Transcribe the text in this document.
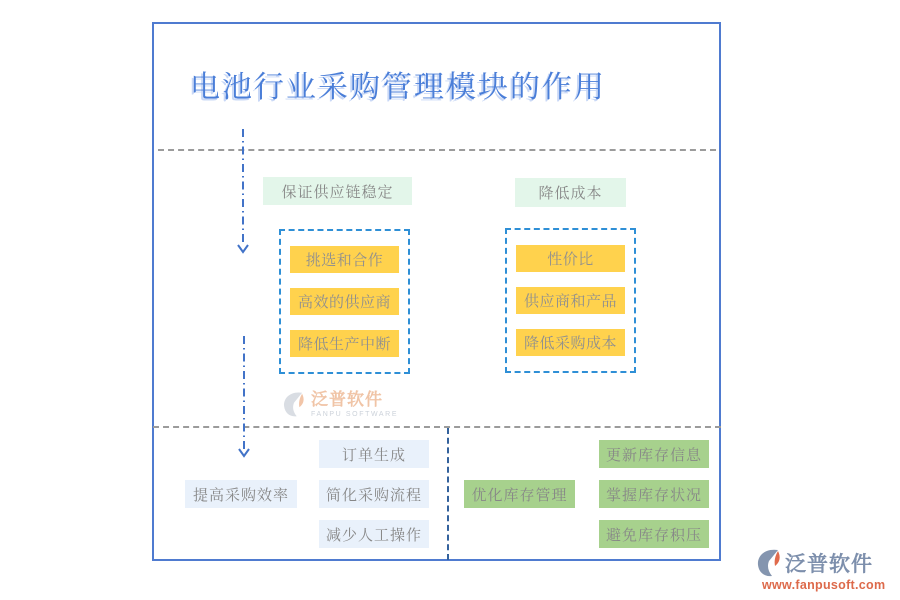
电池行业采购管理模块的作用
保证供应链稳定	降低成本
挑选和合作
高效的供应商
降低生产中断
性价比
供应商和产品
降低采购成本
提高采购效率
订单生成
简化采购流程
减少人工操作
优化库存管理
更新库存信息
掌握库存状况
避免库存积压
泛普软件
FANPU SOFTWARE
泛普软件
www.fanpusoft.com
